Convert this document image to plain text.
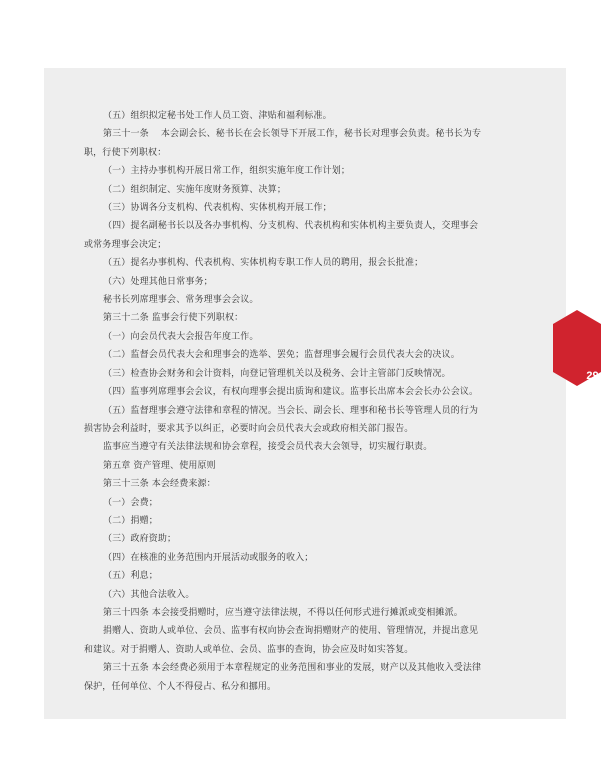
（五）组织拟定秘书处工作人员工资、津贴和福利标准。
第三十一条　 本会副会长、秘书长在会长领导下开展工作，秘书长对理事会负责。秘书长为专
职，行使下列职权：
（一）主持办事机构开展日常工作，组织实施年度工作计划；
（二）组织制定、实施年度财务预算、决算；
（三）协调各分支机构、代表机构、实体机构开展工作；
（四）提名副秘书长以及各办事机构、分支机构、代表机构和实体机构主要负责人，交理事会
或常务理事会决定；
（五）提名办事机构、代表机构、实体机构专职工作人员的聘用，报会长批准；
（六）处理其他日常事务；
秘书长列席理事会、常务理事会会议。
第三十二条 监事会行使下列职权：
（一）向会员代表大会报告年度工作。
（二）监督会员代表大会和理事会的选举、罢免；监督理事会履行会员代表大会的决议。
（三）检查协会财务和会计资料，向登记管理机关以及税务、会计主管部门反映情况。
（四）监事列席理事会会议，有权向理事会提出质询和建议。监事长出席本会会长办公会议。
（五）监督理事会遵守法律和章程的情况。当会长、副会长、理事和秘书长等管理人员的行为
损害协会利益时，要求其予以纠正，必要时向会员代表大会或政府相关部门报告。
监事应当遵守有关法律法规和协会章程，接受会员代表大会领导，切实履行职责。
第五章 资产管理、使用原则
第三十三条 本会经费来源：
（一）会费；
（二）捐赠；
（三）政府资助；
（四）在核准的业务范围内开展活动或服务的收入；
（五）利息；
（六）其他合法收入。
第三十四条 本会接受捐赠时，应当遵守法律法规，不得以任何形式进行摊派或变相摊派。
捐赠人、资助人或单位、会员、监事有权向协会查询捐赠财产的使用、管理情况，并提出意见
和建议。对于捐赠人、资助人或单位、会员、监事的查询，协会应及时如实答复。
第三十五条 本会经费必须用于本章程规定的业务范围和事业的发展，财产以及其他收入受法律
保护，任何单位、个人不得侵占、私分和挪用。
29
